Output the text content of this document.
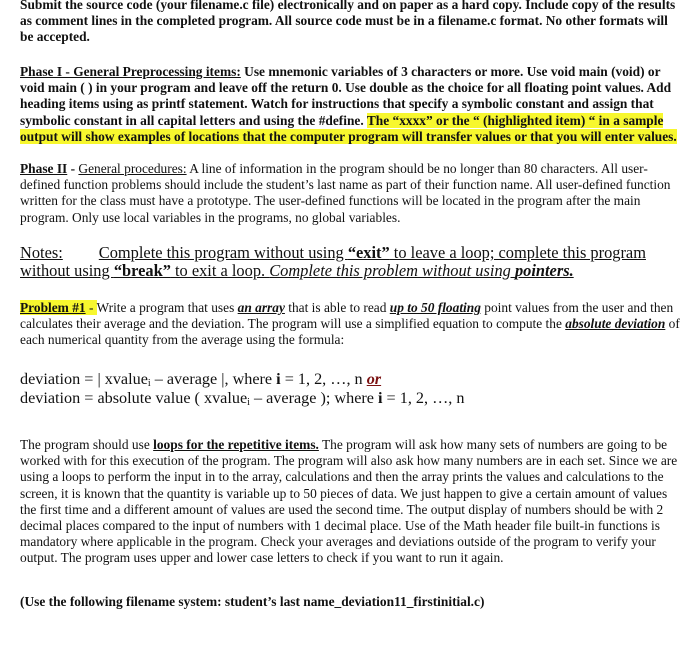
Submit the source code (your filename.c file) electronically and on paper as a hard copy. Include copy of the results as comment lines in the completed program. All source code must be in a filename.c format. No other formats will be accepted.

Phase I - General Preprocessing items: Use mnemonic variables of 3 characters or more. Use void main (void) or void main ( ) in your program and leave off the return 0. Use double as the choice for all floating point values. Add heading items using as printf statement. Watch for instructions that specify a symbolic constant and assign that symbolic constant in all capital letters and using the #define. The “xxxx” or the “ (highlighted item) “ in a sample output will show examples of locations that the computer program will transfer values or that you will enter values.

Phase II - General procedures: A line of information in the program should be no longer than 80 characters. All user-defined function problems should include the student’s last name as part of their function name. All user-defined function written for the class must have a prototype. The user-defined functions will be located in the program after the main program. Only use local variables in the programs, no global variables.

Notes: Complete this program without using “exit” to leave a loop; complete this program without using “break” to exit a loop. Complete this problem without using pointers.

Problem #1 - Write a program that uses an array that is able to read up to 50 floating point values from the user and then calculates their average and the deviation. The program will use a simplified equation to compute the absolute deviation of each numerical quantity from the average using the formula:

deviation = | xvalue$_i$ – average |, where i = 1, 2, …, n or

deviation = absolute value ( xvalue$_i$ – average ); where i = 1, 2, …, n

The program should use loops for the repetitive items. The program will ask how many sets of numbers are going to be worked with for this execution of the program. The program will also ask how many numbers are in each set. Since we are using a loops to perform the input in to the array, calculations and then the array prints the values and calculations to the screen, it is known that the quantity is variable up to 50 pieces of data. We just happen to give a certain amount of values the first time and a different amount of values are used the second time. The output display of numbers should be with 2 decimal places compared to the input of numbers with 1 decimal place. Use of the Math header file built-in functions is mandatory where applicable in the program. Check your averages and deviations outside of the program to verify your output. The program uses upper and lower case letters to check if you want to run it again.

(Use the following filename system: student’s last name_deviation11_firstinitial.c)
